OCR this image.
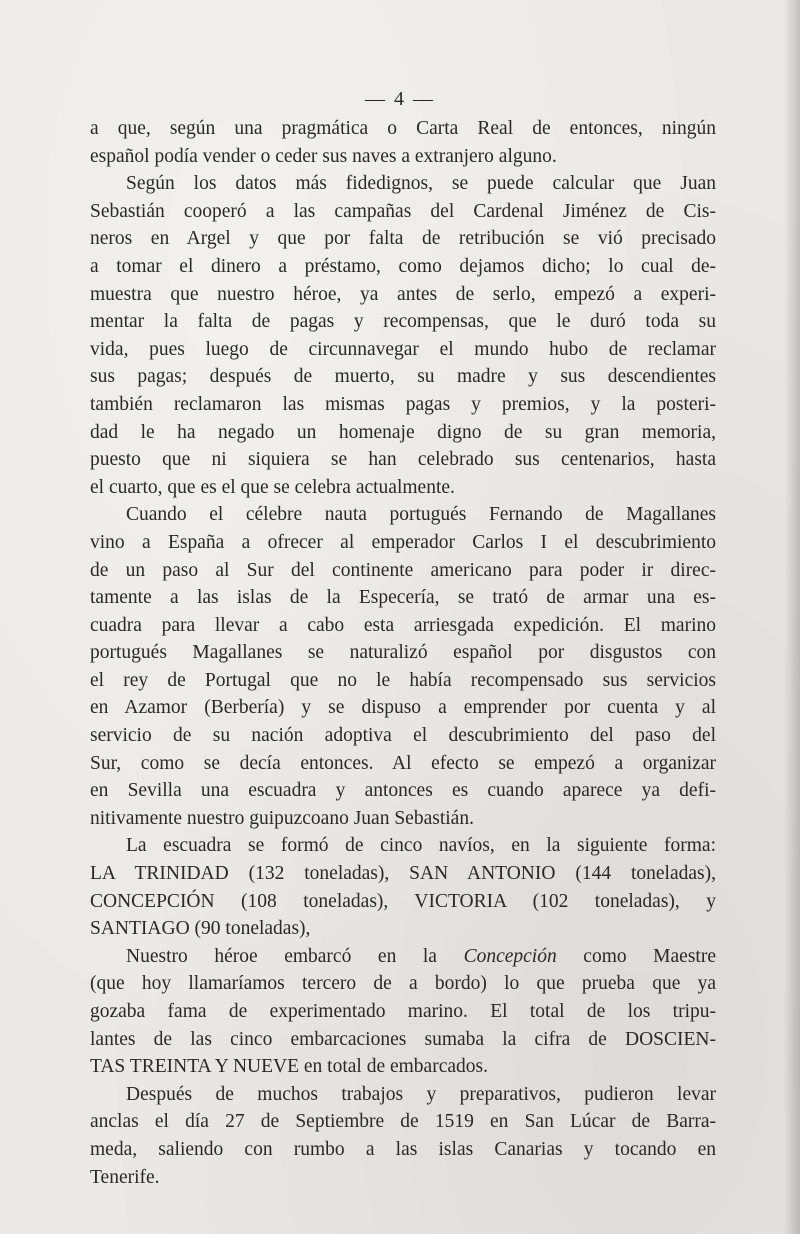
— 4 —
a que, según una pragmática o Carta Real de entonces, ningún
español podía vender o ceder sus naves a extranjero alguno.
Según los datos más fidedignos, se puede calcular que Juan
Sebastián cooperó a las campañas del Cardenal Jiménez de Cis-
neros en Argel y que por falta de retribución se vió precisado
a tomar el dinero a préstamo, como dejamos dicho; lo cual de-
muestra que nuestro héroe, ya antes de serlo, empezó a experi-
mentar la falta de pagas y recompensas, que le duró toda su
vida, pues luego de circunnavegar el mundo hubo de reclamar
sus pagas; después de muerto, su madre y sus descendientes
también reclamaron las mismas pagas y premios, y la posteri-
dad le ha negado un homenaje digno de su gran memoria,
puesto que ni siquiera se han celebrado sus centenarios, hasta
el cuarto, que es el que se celebra actualmente.
Cuando el célebre nauta portugués Fernando de Magallanes
vino a España a ofrecer al emperador Carlos I el descubrimiento
de un paso al Sur del continente americano para poder ir direc-
tamente a las islas de la Especería, se trató de armar una es-
cuadra para llevar a cabo esta arriesgada expedición. El marino
portugués Magallanes se naturalizó español por disgustos con
el rey de Portugal que no le había recompensado sus servicios
en Azamor (Berbería) y se dispuso a emprender por cuenta y al
servicio de su nación adoptiva el descubrimiento del paso del
Sur, como se decía entonces. Al efecto se empezó a organizar
en Sevilla una escuadra y antonces es cuando aparece ya defi-
nitivamente nuestro guipuzcoano Juan Sebastián.
La escuadra se formó de cinco navíos, en la siguiente forma:
LA TRINIDAD (132 toneladas), SAN ANTONIO (144 toneladas),
CONCEPCIÓN (108 toneladas), VICTORIA (102 toneladas), y
SANTIAGO (90 toneladas),
Nuestro héroe embarcó en la Concepción como Maestre
(que hoy llamaríamos tercero de a bordo) lo que prueba que ya
gozaba fama de experimentado marino. El total de los tripu-
lantes de las cinco embarcaciones sumaba la cifra de DOSCIEN-
TAS TREINTA Y NUEVE en total de embarcados.
Después de muchos trabajos y preparativos, pudieron levar
anclas el día 27 de Septiembre de 1519 en San Lúcar de Barra-
meda, saliendo con rumbo a las islas Canarias y tocando en
Tenerife.
